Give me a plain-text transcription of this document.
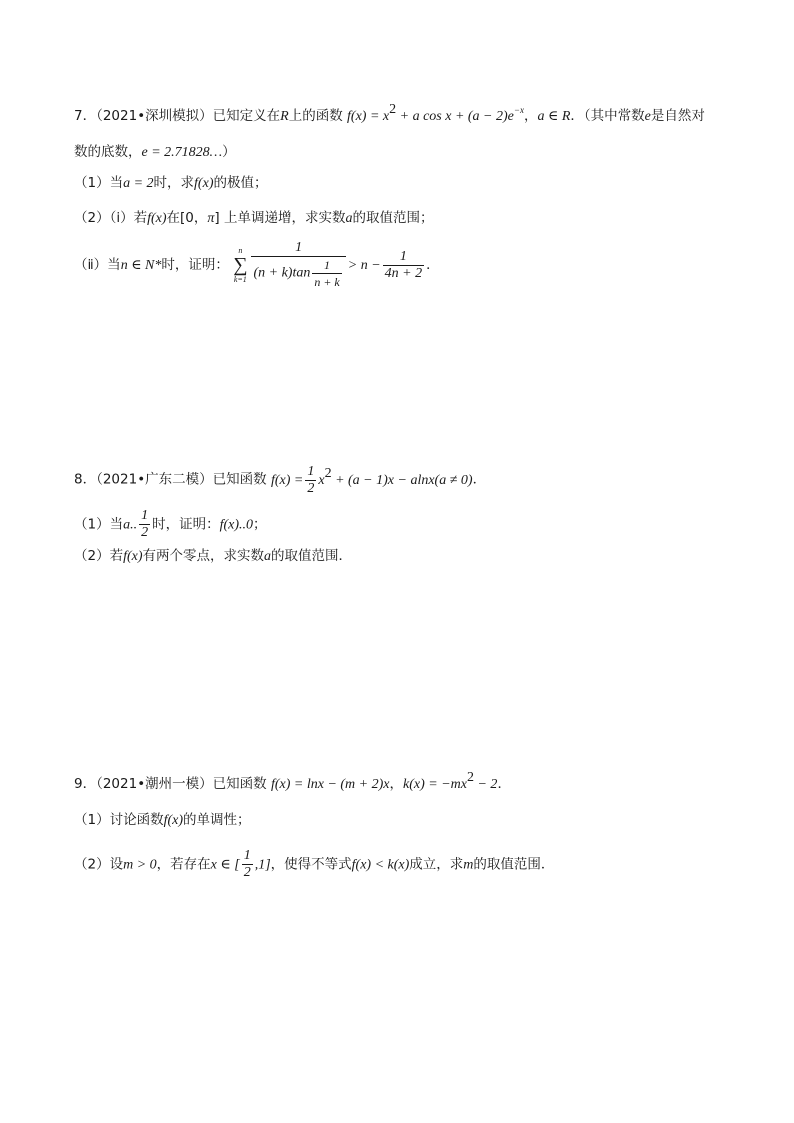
7．（2021•深圳模拟）已知定义在R上的函数 $f(x) = x^2 + a$ $\cos x + (a - 2)e^{-x}$，a ∈ R．（其中常数e是自然对
数的底数，e = 2.71828…）
（1）当a = 2时，求f(x)的极值；
（2）（ⅰ）若f(x)在[0，π] 上单调递增，求实数a的取值范围；
（ⅱ）当n ∈ N*时，证明：
n
∑
$k=1 \frac{1}{(n + k)\tan \frac{1}{n + k}} > n - \frac{1}{4n + 2}$ ．
8．（2021•广东二模）已知函数 $f(x) = \frac{1}{2} x^2 + (a - 1)x - alnx(a \ne 0)$．
（1）当a.. $\frac{1}{2}$ 时，证明：f(x)..0；
（2）若f(x)有两个零点，求实数a的取值范围．
9．（2021•潮州一模）已知函数 f(x) = lnx − (m + 2)x，$k(x) = -mx^2 - 2$．
（1）讨论函数f(x)的单调性；
（2）设m > 0，若存在x ∈ [ $\frac{1}{2} ,1$]，使得不等式f(x) < k(x)成立，求m的取值范围．
